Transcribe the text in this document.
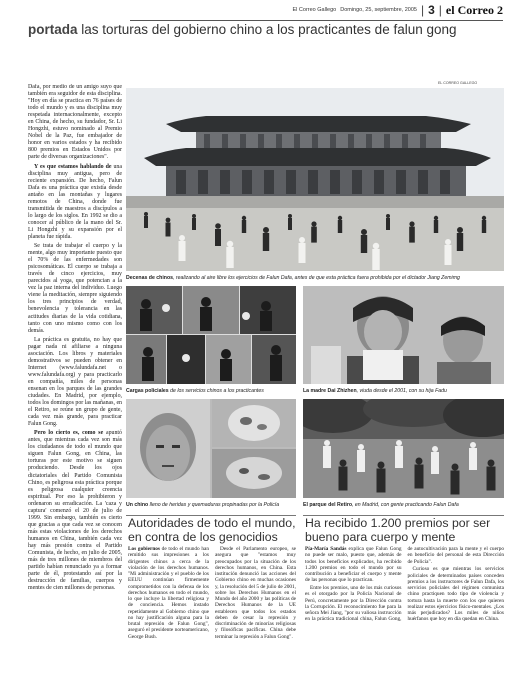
El Correo Gallego Domingo, 25, septiembre, 2005 | 3 | el Correo 2
portada las torturas del gobierno chino a los practicantes de falun gong

Dafa, por medio de un amigo suyo que también era seguidor de esta disciplina. "Hoy en día se practica en 76 países de todo el mundo y es una disciplina muy respetada internacionalmente, excepto en China, de hecho, su fundador, Sr. Li Hongzhi, estuvo nominado al Premio Nobel de la Paz, fue embajador de honor en varios estados y ha recibido 800 premios en Estados Unidos por parte de diversas organizaciones".

Y es que estamos hablando de una disciplina muy antigua, pero de reciente expansión. De hecho, Falun Dafa es una práctica que existía desde antaño en las montañas y lugares remotos de China, donde fue transmitida de maestros a discípulos a lo largo de los siglos. En 1992 se dio a conocer al público de la mano del Sr. Li Hongzhi y su expansión por el planeta fue rápida.

Se trata de trabajar el cuerpo y la mente, algo muy importante puesto que el 70% de las enfermedades son psicosomáticas. El cuerpo se trabaja a través de cinco ejercicios, muy parecidos al yoga, que potencian a la vez la paz interna del individuo. Luego viene la meditación, siempre siguiendo los tres principios de verdad, benevolencia y tolerancia en las actitudes diarias de la vida cotidiana, tanto con uno mismo como con los demás.

La práctica es gratuita, no hay que pagar nada ni afiliarse a ninguna asociación. Los libros y materiales demostrativos se pueden obtener en Internet (www.falundafa.net o www.falundafa.org) y para practicarlo en compañía, miles de personas ensenan en los parques de las grandes ciudades. En Madrid, por ejemplo, todos los domingos por las mañanas, en el Retiro, se reúne un grupo de gente, cada vez más grande, para practicar Falun Gong.

Pero lo cierto es, como se apuntó antes, que mientras cada vez son más los ciudadanos de todo el mundo que siguen Falun Gong, en China, las torturas por este motivo se siguen produciendo. Desde los ojos dictatoriales del Partido Comunista Chino, es peligrosa esta práctica porque es peligrosa cualquier creencia espiritual. Por eso la prohibieron y ordenaron su erradicación. La 'caza y captura' comenzó el 20 de julio de 1999. Sin embargo, también es cierto que gracias a que cada vez se conocen más estas violaciones de los derechos humanos en China, también cada vez hay más presión contra el Partido Comunista, de hecho, en julio de 2005, más de tres millones de miembros del partido habían renunciado ya a formar parte de él, protestando así por la destrucción de familias, cuerpos y mentes de cien millones de personas.

EL CORREO GALLEGO
Decenas de chinos, realizando al aire libre los ejercicios de Falun Dafa, antes de que esta práctica fuera prohibida por el dictador Jiang Zemimg
Cargas policiales de los servicios chinos a los practicantes	La madre Dai Zhizhen, viuda desde el 2001, con su hija Fadu
Un chino lleno de heridas y quemaduras propinadas por la Policía	El parque del Retiro, en Madrid, con gente practicando Falun Dafa
Autoridades de todo el mundo, en contra de los genocidios

Los gobiernos de todo el mundo han remitido sus impresiones a los dirigentes chinos a cerca de la violación de los derechos humanos. "Mi administración y el pueblo de los EEUU continúan firmemente comprometidos con la defensa de los derechos humanos en todo el mundo, lo que incluye la libertad religiosa y de conciencia. Hemos instado repetidamente al Gobierno chino que no hay justificación alguna para la brutal represión de Falun Gong", aseguró el presidente norteamericano, George Bush.

Desde el Parlamento europeo, se asegura que "estamos muy preocupados por la situación de los derechos humanos, en China. Esta institución denunció las acciones del Gobierno chino en muchas ocasiones y, la resolución del 5 de julio de 2001, sobre los Derechos Humanos en el Mundo del año 2000 y las políticas de Derechos Humanos de la UE establecen que todos los estados deben de cesar la represión y discriminación de minorías religiosas y filosóficas pacíficas. China debe terminar la represión a Falun Gong".

Ha recibido 1.200 premios por ser bueno para cuerpo y mente

Pía-María Sandás explica que Falun Gong no puede ser malo, puesto que, además de todos los beneficios explicados, ha recibido 1.200 premios en todo el mundo por su contribución a beneficiar el cuerpo y mente de las personas que lo practican.

Entre los premios, uno de los más curiosos es el otorgado por la Policía Nacional de Perú, concretamente por la Dirección contra la Corrupción. El reconocimiento fue para la señora Mei Jiang, "por su valiosa instrucción en la práctica tradicional china, Falun Gong, de autocultivación para la mente y el cuerpo en beneficio del personal de esta Dirección de Policía".

Curioso es que mientras los servicios policiales de determinados países conceden premios a los instructores de Falun Dafa, los servicios policiales del régimen comunista chino practiquen todo tipo de violencia y tortura hasta la muerte con los que quieren realizar estos ejercicios físico-mentales. ¿Los más perjudicados? Los miles de niños huérfanos que hoy en día quedan en China.
